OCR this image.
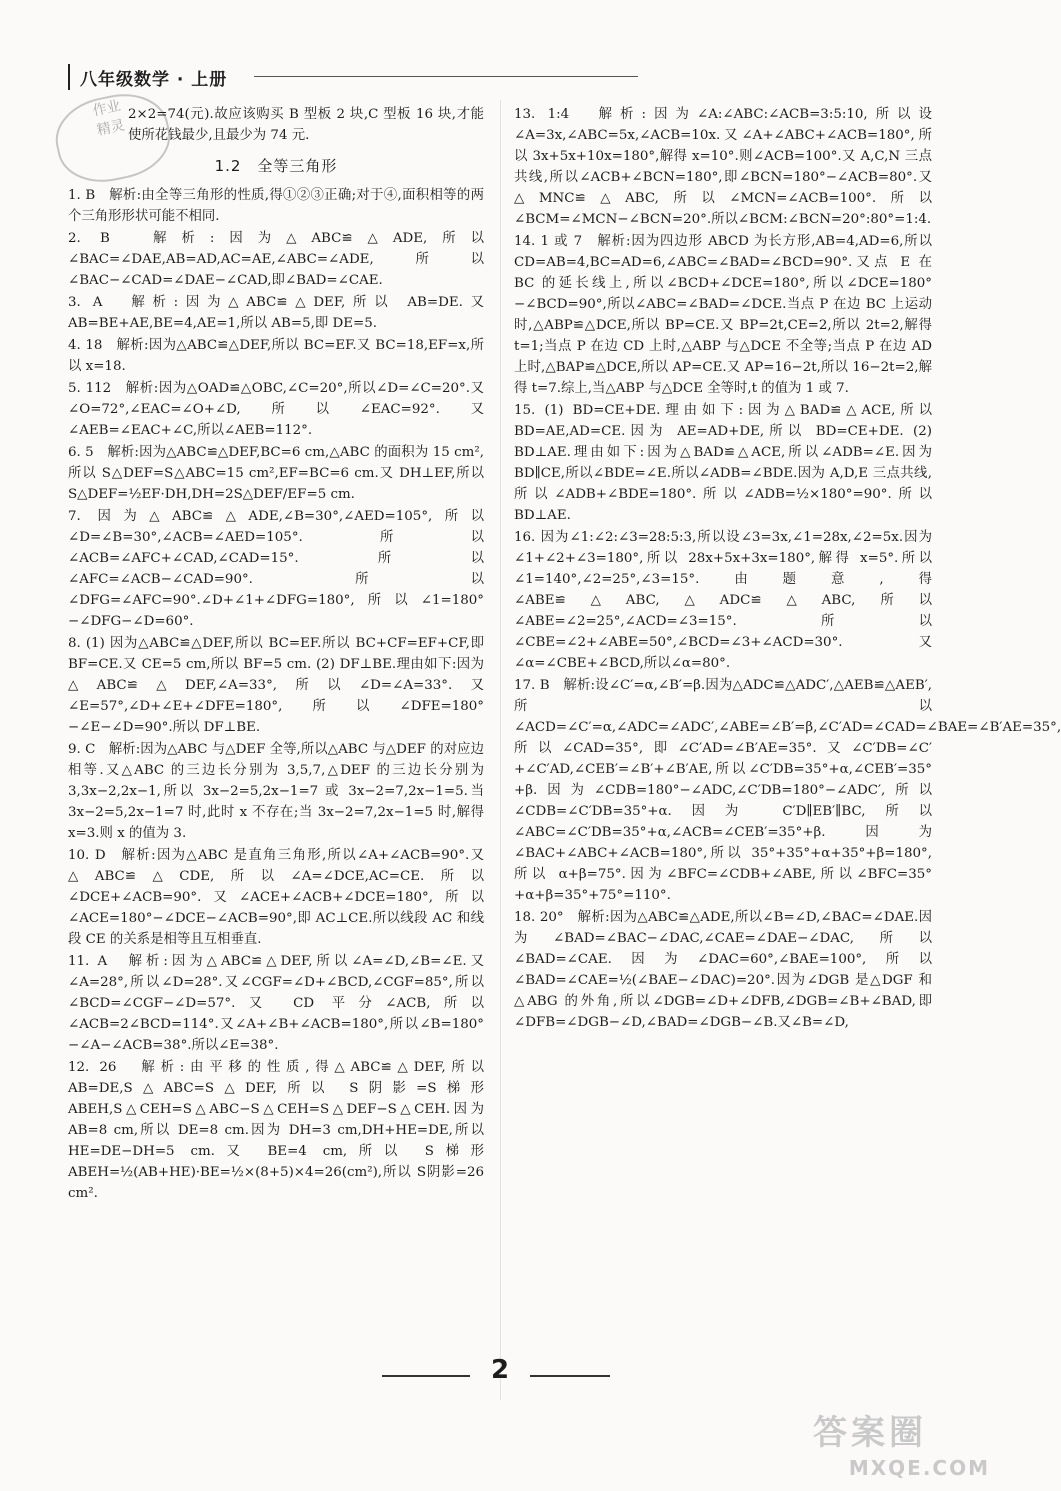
八年级数学 · 上册
作业
精灵

2×2=74(元).故应该购买 B 型板 2 块,C 型板 16 块,才能使所花钱最少,且最少为 74 元.

1.2　全等三角形

1. B　解析:由全等三角形的性质,得①②③正确;对于④,面积相等的两个三角形形状可能不相同.

2. B　解析:因为△ABC≌△ADE,所以∠BAC=∠DAE,AB=AD,AC=AE,∠ABC=∠ADE,所以∠BAC−∠CAD=∠DAE−∠CAD,即∠BAD=∠CAE.

3. A　解析:因为△ABC≌△DEF,所以 AB=DE.又 AB=BE+AE,BE=4,AE=1,所以 AB=5,即 DE=5.

4. 18　解析:因为△ABC≌△DEF,所以 BC=EF.又 BC=18,EF=x,所以 x=18.

5. 112　解析:因为△OAD≌△OBC,∠C=20°,所以∠D=∠C=20°.又∠O=72°,∠EAC=∠O+∠D,所以∠EAC=92°.又∠AEB=∠EAC+∠C,所以∠AEB=112°.

6. 5　解析:因为△ABC≌△DEF,BC=6 cm,△ABC 的面积为 15 cm²,所以 S△DEF=S△ABC=15 cm²,EF=BC=6 cm.又 DH⊥EF,所以 S△DEF=½EF·DH,DH=2S△DEF/EF=5 cm.

7. 因为△ABC≌△ADE,∠B=30°,∠AED=105°,所以∠D=∠B=30°,∠ACB=∠AED=105°.所以∠ACB=∠AFC+∠CAD,∠CAD=15°.所以∠AFC=∠ACB−∠CAD=90°.所以∠DFG=∠AFC=90°.∠D+∠1+∠DFG=180°,所以∠1=180°−∠DFG−∠D=60°.

8. (1) 因为△ABC≌△DEF,所以 BC=EF.所以 BC+CF=EF+CF,即 BF=CE.又 CE=5 cm,所以 BF=5 cm. (2) DF⊥BE.理由如下:因为△ABC≌△DEF,∠A=33°,所以∠D=∠A=33°.又∠E=57°,∠D+∠E+∠DFE=180°,所以∠DFE=180°−∠E−∠D=90°.所以 DF⊥BE.

9. C　解析:因为△ABC 与△DEF 全等,所以△ABC 与△DEF 的对应边相等.又△ABC 的三边长分别为 3,5,7,△DEF 的三边长分别为 3,3x−2,2x−1,所以 3x−2=5,2x−1=7 或 3x−2=7,2x−1=5.当 3x−2=5,2x−1=7 时,此时 x 不存在;当 3x−2=7,2x−1=5 时,解得 x=3.则 x 的值为 3.

10. D　解析:因为△ABC 是直角三角形,所以∠A+∠ACB=90°.又△ABC≌△CDE,所以∠A=∠DCE,AC=CE.所以∠DCE+∠ACB=90°.又∠ACE+∠ACB+∠DCE=180°,所以∠ACE=180°−∠DCE−∠ACB=90°,即 AC⊥CE.所以线段 AC 和线段 CE 的关系是相等且互相垂直.

11. A　解析:因为△ABC≌△DEF,所以∠A=∠D,∠B=∠E.又∠A=28°,所以∠D=28°.又∠CGF=∠D+∠BCD,∠CGF=85°,所以∠BCD=∠CGF−∠D=57°.又 CD 平分∠ACB,所以∠ACB=2∠BCD=114°.又∠A+∠B+∠ACB=180°,所以∠B=180°−∠A−∠ACB=38°.所以∠E=38°.

12. 26　解析:由平移的性质,得△ABC≌△DEF,所以 AB=DE,S△ABC=S△DEF,所以 S阴影=S梯形ABEH,S△CEH=S△ABC−S△CEH=S△DEF−S△CEH.因为 AB=8 cm,所以 DE=8 cm.因为 DH=3 cm,DH+HE=DE,所以 HE=DE−DH=5 cm.又 BE=4 cm,所以 S梯形ABEH=½(AB+HE)·BE=½×(8+5)×4=26(cm²),所以 S阴影=26 cm².

13. 1:4　解析:因为∠A:∠ABC:∠ACB=3:5:10,所以设∠A=3x,∠ABC=5x,∠ACB=10x.又∠A+∠ABC+∠ACB=180°,所以 3x+5x+10x=180°,解得 x=10°.则∠ACB=100°.又 A,C,N 三点共线,所以∠ACB+∠BCN=180°,即∠BCN=180°−∠ACB=80°.又△MNC≌△ABC,所以∠MCN=∠ACB=100°.所以∠BCM=∠MCN−∠BCN=20°.所以∠BCM:∠BCN=20°:80°=1:4.

14. 1 或 7　解析:因为四边形 ABCD 为长方形,AB=4,AD=6,所以 CD=AB=4,BC=AD=6,∠ABC=∠BAD=∠BCD=90°.又点 E 在 BC 的延长线上,所以∠BCD+∠DCE=180°,所以∠DCE=180°−∠BCD=90°,所以∠ABC=∠BAD=∠DCE.当点 P 在边 BC 上运动时,△ABP≌△DCE,所以 BP=CE.又 BP=2t,CE=2,所以 2t=2,解得 t=1;当点 P 在边 CD 上时,△ABP 与△DCE 不全等;当点 P 在边 AD 上时,△BAP≌△DCE,所以 AP=CE.又 AP=16−2t,所以 16−2t=2,解得 t=7.综上,当△ABP 与△DCE 全等时,t 的值为 1 或 7.

15. (1) BD=CE+DE.理由如下:因为△BAD≌△ACE,所以 BD=AE,AD=CE.因为 AE=AD+DE,所以 BD=CE+DE. (2) BD⊥AE.理由如下:因为△BAD≌△ACE,所以∠ADB=∠E.因为 BD∥CE,所以∠BDE=∠E.所以∠ADB=∠BDE.因为 A,D,E 三点共线,所以∠ADB+∠BDE=180°.所以∠ADB=½×180°=90°.所以 BD⊥AE.

16. 因为∠1:∠2:∠3=28:5:3,所以设∠3=3x,∠1=28x,∠2=5x.因为∠1+∠2+∠3=180°,所以 28x+5x+3x=180°,解得 x=5°.所以∠1=140°,∠2=25°,∠3=15°.由题意,得∠ABE≌△ABC,△ADC≌△ABC,所以∠ABE=∠2=25°,∠ACD=∠3=15°.所以∠CBE=∠2+∠ABE=50°,∠BCD=∠3+∠ACD=30°.又∠α=∠CBE+∠BCD,所以∠α=80°.

17. B　解析:设∠C′=α,∠B′=β.因为△ADC≌△ADC′,△AEB≌△AEB′,所以∠ACD=∠C′=α,∠ADC=∠ADC′,∠ABE=∠B′=β,∠C′AD=∠CAD=∠BAE=∠B′AE=35°,所以∠CAD=35°,即∠C′AD=∠B′AE=35°.又∠C′DB=∠C′+∠C′AD,∠CEB′=∠B′+∠B′AE,所以∠C′DB=35°+α,∠CEB′=35°+β.因为∠CDB=180°−∠ADC,∠C′DB=180°−∠ADC′,所以∠CDB=∠C′DB=35°+α.因为 C′D∥EB′∥BC,所以∠ABC=∠C′DB=35°+α,∠ACB=∠CEB′=35°+β.因为∠BAC+∠ABC+∠ACB=180°,所以 35°+35°+α+35°+β=180°,所以 α+β=75°.因为∠BFC=∠CDB+∠ABE,所以∠BFC=35°+α+β=35°+75°=110°.

18. 20°　解析:因为△ABC≌△ADE,所以∠B=∠D,∠BAC=∠DAE.因为∠BAD=∠BAC−∠DAC,∠CAE=∠DAE−∠DAC,所以∠BAD=∠CAE.因为∠DAC=60°,∠BAE=100°,所以∠BAD=∠CAE=½(∠BAE−∠DAC)=20°.因为∠DGB 是△DGF 和△ABG 的外角,所以∠DGB=∠D+∠DFB,∠DGB=∠B+∠BAD,即∠DFB=∠DGB−∠D,∠BAD=∠DGB−∠B.又∠B=∠D,

2
答案圈
MXQE.COM
